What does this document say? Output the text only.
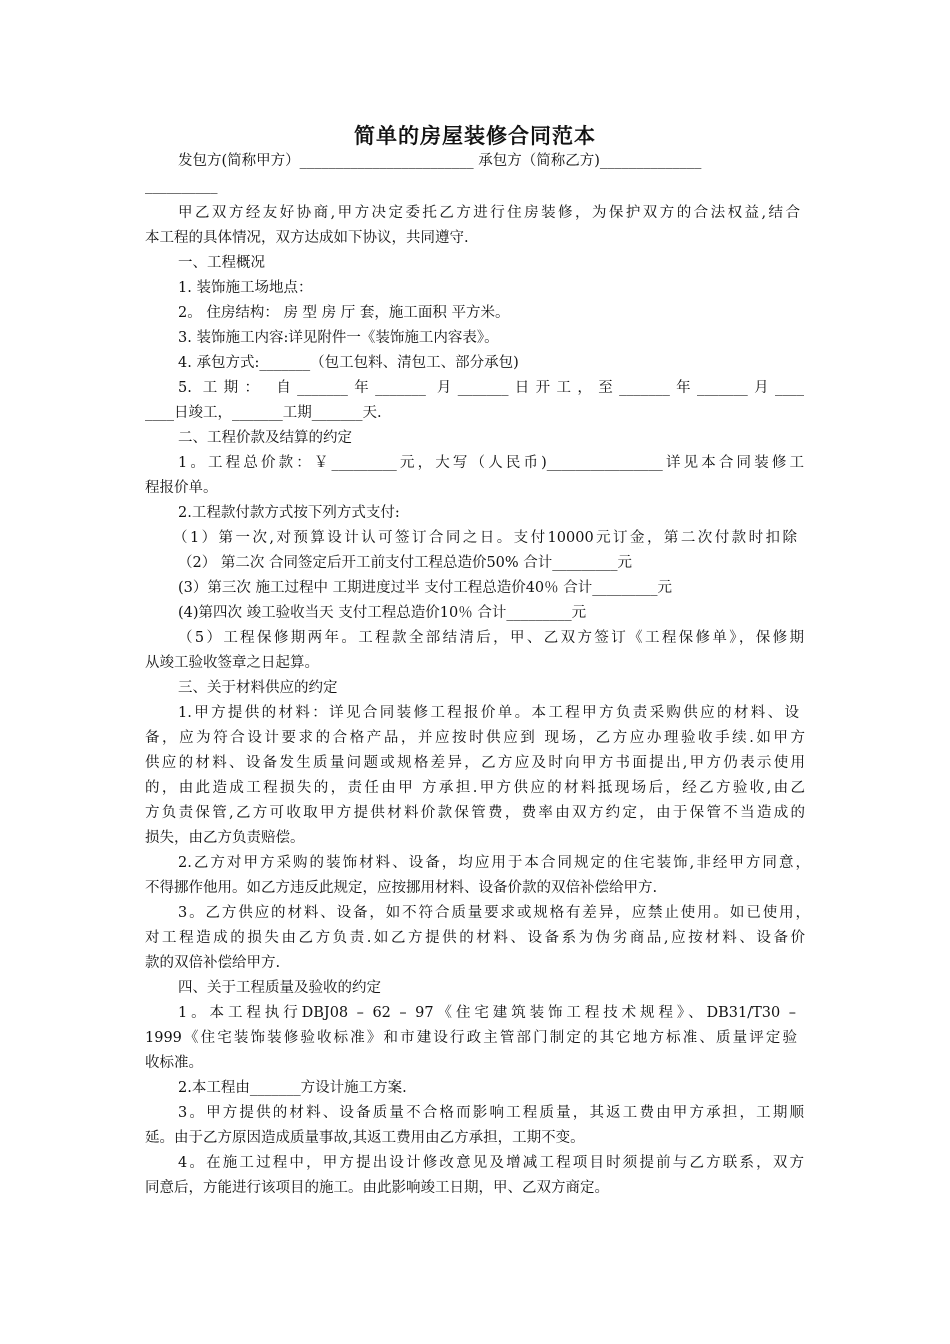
简单的房屋装修合同范本
发包方(简称甲方）________________________ 承包方（简称乙方)______________
__________
甲乙双方经友好协商,甲方决定委托乙方进行住房装修，为保护双方的合法权益,结合
本工程的具体情况，双方达成如下协议，共同遵守.
一、工程概况
1. 装饰施工场地点：
2。 住房结构： 房 型 房 厅 套，施工面积 平方米。
3. 装饰施工内容:详见附件一《装饰施工内容表》。
4. 承包方式:_______（包工包料、清包工、部分承包)
5. 工期： 自_______年_______ 月_______日开工，至_______年_______月____
____日竣工，_______工期_______天.
二、工程价款及结算的约定
1。工程总价款：￥_________元，大写（人民币)________________详见本合同装修工
程报价单。
2.工程款付款方式按下列方式支付:
（1）第一次,对预算设计认可签订合同之日。支付10000元订金，第二次付款时扣除
（2） 第二次 合同签定后开工前支付工程总造价50% 合计_________元
(3）第三次 施工过程中 工期进度过半 支付工程总造价40％ 合计_________元
(4)第四次 竣工验收当天 支付工程总造价10％ 合计_________元
（5）工程保修期两年。工程款全部结清后，甲、乙双方签订《工程保修单》，保修期
从竣工验收签章之日起算。
三、关于材料供应的约定
1.甲方提供的材料：详见合同装修工程报价单。本工程甲方负责采购供应的材料、设
备，应为符合设计要求的合格产品，并应按时供应到 现场，乙方应办理验收手续.如甲方
供应的材料、设备发生质量问题或规格差异，乙方应及时向甲方书面提出,甲方仍表示使用
的，由此造成工程损失的，责任由甲 方承担.甲方供应的材料抵现场后，经乙方验收,由乙
方负责保管,乙方可收取甲方提供材料价款保管费，费率由双方约定，由于保管不当造成的
损失，由乙方负责赔偿。
2.乙方对甲方采购的装饰材料、设备，均应用于本合同规定的住宅装饰,非经甲方同意，
不得挪作他用。如乙方违反此规定，应按挪用材料、设备价款的双倍补偿给甲方.
3。乙方供应的材料、设备，如不符合质量要求或规格有差异，应禁止使用。如已使用，
对工程造成的损失由乙方负责.如乙方提供的材料、设备系为伪劣商品,应按材料、设备价
款的双倍补偿给甲方.
四、关于工程质量及验收的约定
1。本工程执行DBJ08 – 62 – 97《住宅建筑装饰工程技术规程》、DB31/T30 –
1999《住宅装饰装修验收标准》和市建设行政主管部门制定的其它地方标准、质量评定验
收标准。
2.本工程由_______方设计施工方案.
3。甲方提供的材料、设备质量不合格而影响工程质量，其返工费由甲方承担，工期顺
延。由于乙方原因造成质量事故,其返工费用由乙方承担，工期不变。
4。在施工过程中，甲方提出设计修改意见及增减工程项目时须提前与乙方联系，双方
同意后，方能进行该项目的施工。由此影响竣工日期，甲、乙双方商定。
